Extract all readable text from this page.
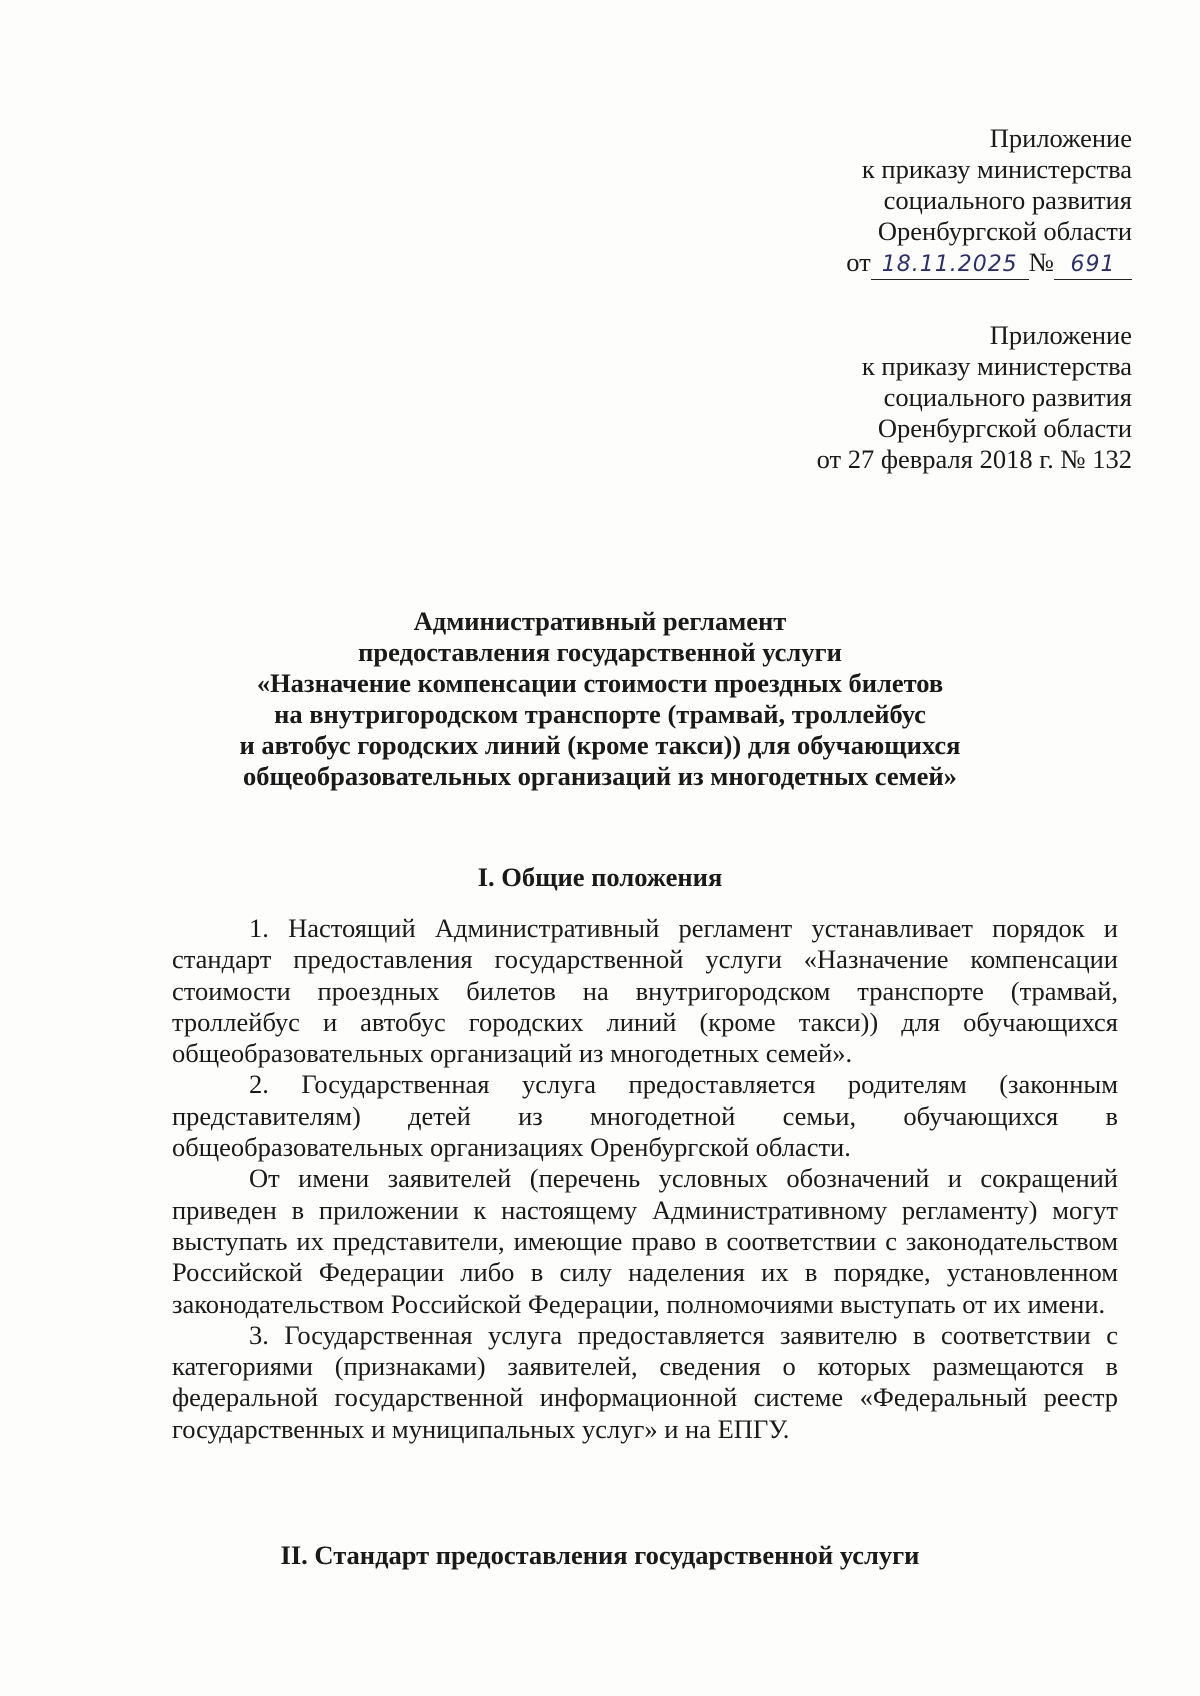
Приложение
к приказу министерства
социального развития
Оренбургской области
от 18.11.2025 № 691
Приложение
к приказу министерства
социального развития
Оренбургской области
от 27 февраля 2018 г. № 132
Административный регламент
предоставления государственной услуги
«Назначение компенсации стоимости проездных билетов
на внутригородском транспорте (трамвай, троллейбус
и автобус городских линий (кроме такси)) для обучающихся
общеобразовательных организаций из многодетных семей»
I. Общие положения

1. Настоящий Административный регламент устанавливает порядок и стандарт предоставления государственной услуги «Назначение компенсации стоимости проездных билетов на внутригородском транспорте (трамвай, троллейбус и автобус городских линий (кроме такси)) для обучающихся общеобразовательных организаций из многодетных семей».

2. Государственная услуга предоставляется родителям (законным представителям) детей из многодетной семьи, обучающихся в общеобразовательных организациях Оренбургской области.

От имени заявителей (перечень условных обозначений и сокращений приведен в приложении к настоящему Административному регламенту) могут выступать их представители, имеющие право в соответствии с законодательством Российской Федерации либо в силу наделения их в порядке, установленном законодательством Российской Федерации, полномочиями выступать от их имени.

3. Государственная услуга предоставляется заявителю в соответствии с категориями (признаками) заявителей, сведения о которых размещаются в федеральной государственной информационной системе «Федеральный реестр государственных и муниципальных услуг» и на ЕПГУ.

II. Стандарт предоставления государственной услуги
